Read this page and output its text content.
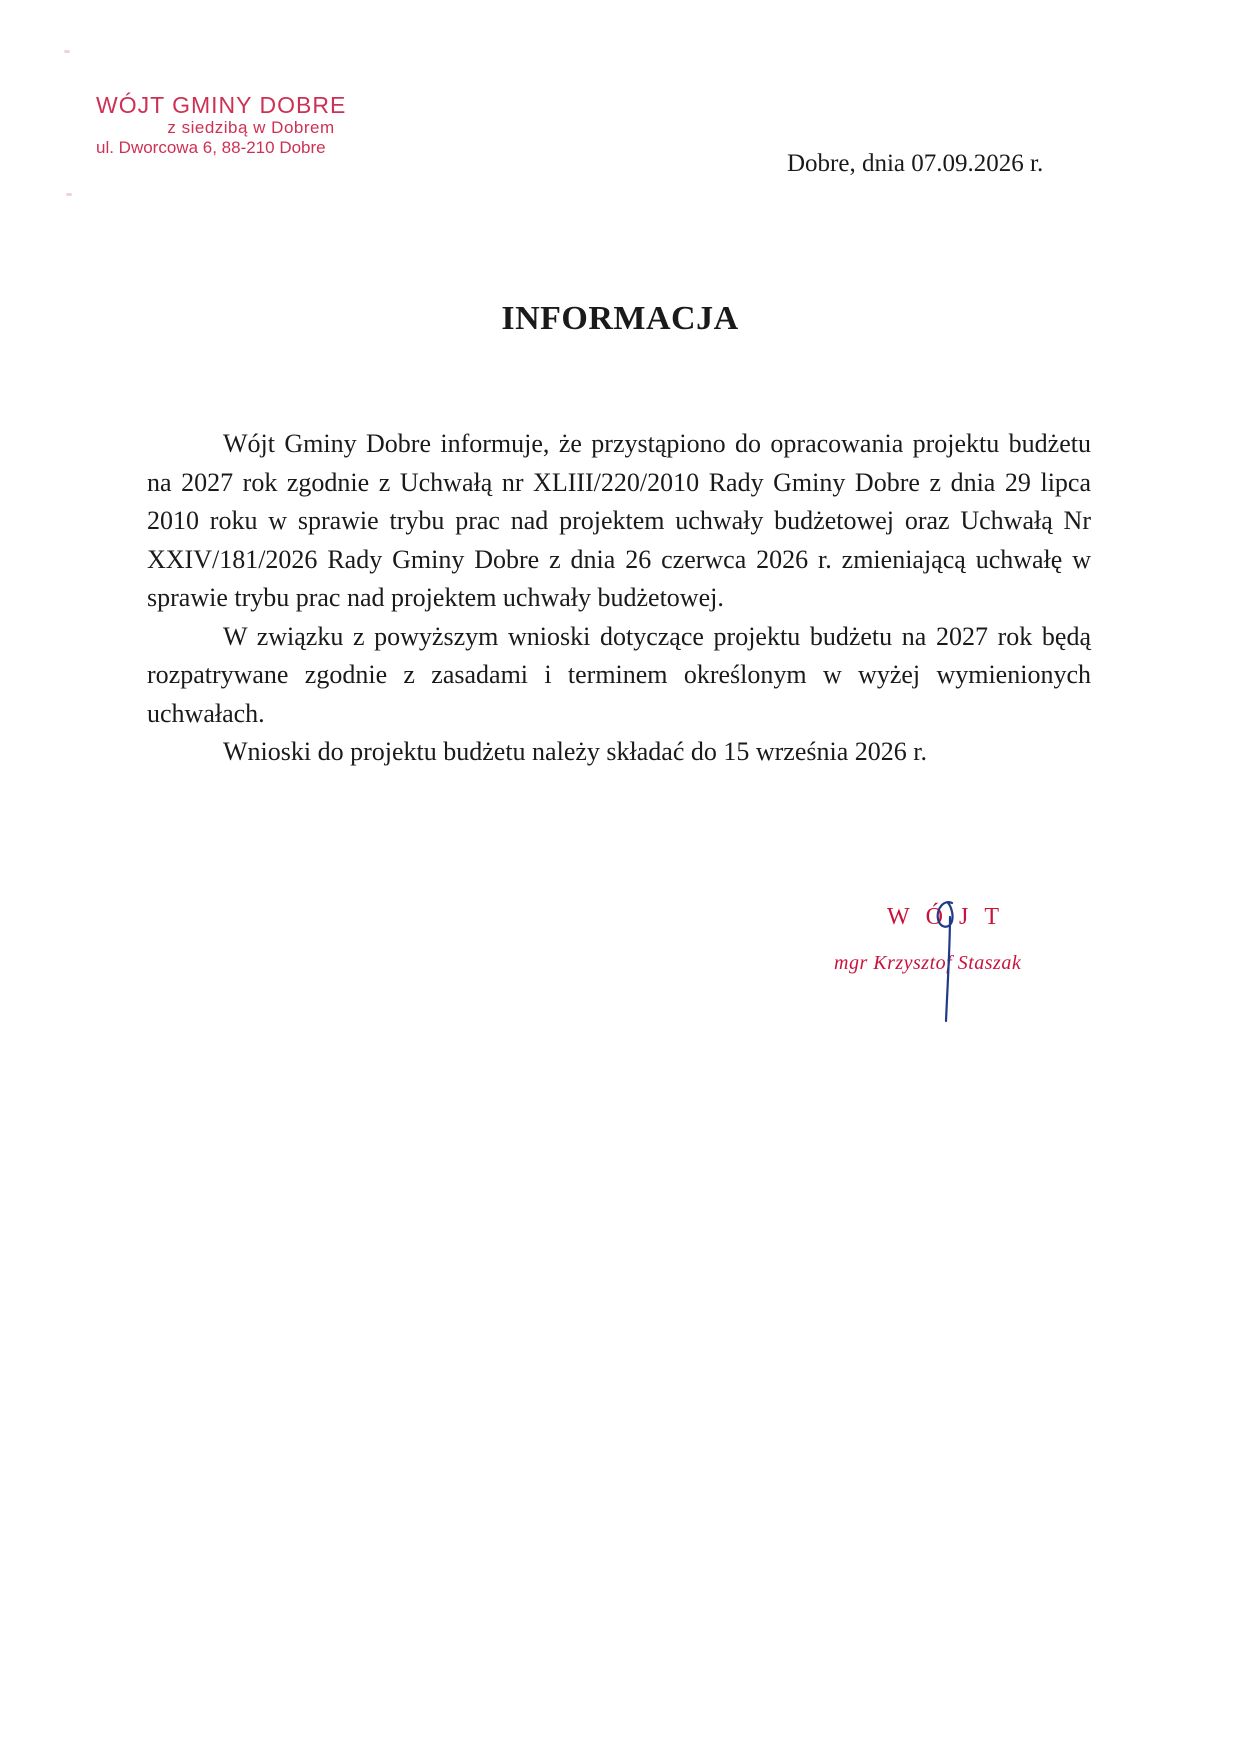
WÓJT GMINY DOBRE
z siedzibą w Dobrem
ul. Dworcowa 6, 88-210 Dobre
Dobre, dnia 07.09.2026 r.
INFORMACJA

Wójt Gminy Dobre informuje, że przystąpiono do opracowania projektu budżetu na 2027 rok zgodnie z Uchwałą nr XLIII/220/2010 Rady Gminy Dobre z dnia 29 lipca 2010 roku w sprawie trybu prac nad projektem uchwały budżetowej oraz Uchwałą Nr XXIV/181/2026 Rady Gminy Dobre z dnia 26 czerwca 2026 r. zmieniającą uchwałę w sprawie trybu prac nad projektem uchwały budżetowej.

W związku z powyższym wnioski dotyczące projektu budżetu na 2027 rok będą rozpatrywane zgodnie z zasadami i terminem określonym w wyżej wymienionych uchwałach.

Wnioski do projektu budżetu należy składać do 15 września 2026 r.

WÓJT
mgr Krzysztof Staszak
